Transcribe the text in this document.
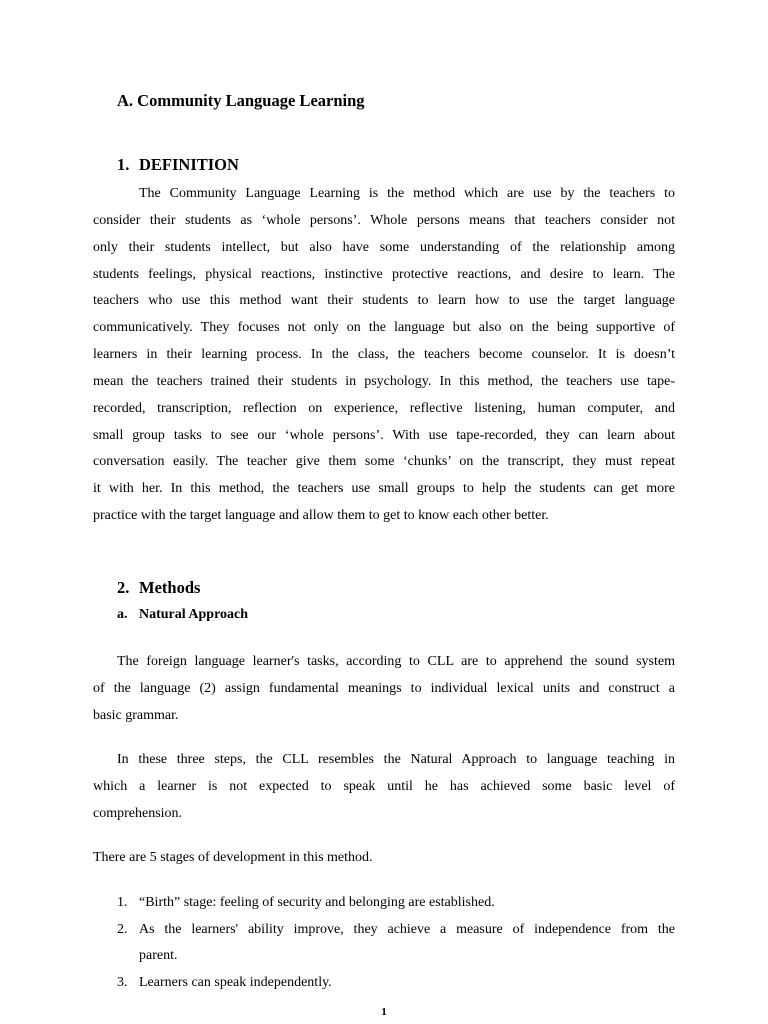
A. Community Language Learning
1. DEFINITION
The Community Language Learning is the method which are use by the teachers to
consider their students as ‘whole persons’. Whole persons means that teachers consider not
only their students intellect, but also have some understanding of the relationship among
students feelings, physical reactions, instinctive protective reactions, and desire to learn. The
teachers who use this method want their students to learn how to use the target language
communicatively. They focuses not only on the language but also on the being supportive of
learners in their learning process. In the class, the teachers become counselor. It is doesn’t
mean the teachers trained their students in psychology. In this method, the teachers use tape-
recorded, transcription, reflection on experience, reflective listening, human computer, and
small group tasks to see our ‘whole persons’. With use tape-recorded, they can learn about
conversation easily. The teacher give them some ‘chunks’ on the transcript, they must repeat
it with her. In this method, the teachers use small groups to help the students can get more
practice with the target language and allow them to get to know each other better.
2. Methods
a. Natural Approach
The foreign language learner's tasks, according to CLL are to apprehend the sound system
of the language (2) assign fundamental meanings to individual lexical units and construct a
basic grammar.
In these three steps, the CLL resembles the Natural Approach to language teaching in
which a learner is not expected to speak until he has achieved some basic level of
comprehension.
There are 5 stages of development in this method.
1. “Birth” stage: feeling of security and belonging are established.
2. As the learners' ability improve, they achieve a measure of independence from the
parent.
3. Learners can speak independently.
1
